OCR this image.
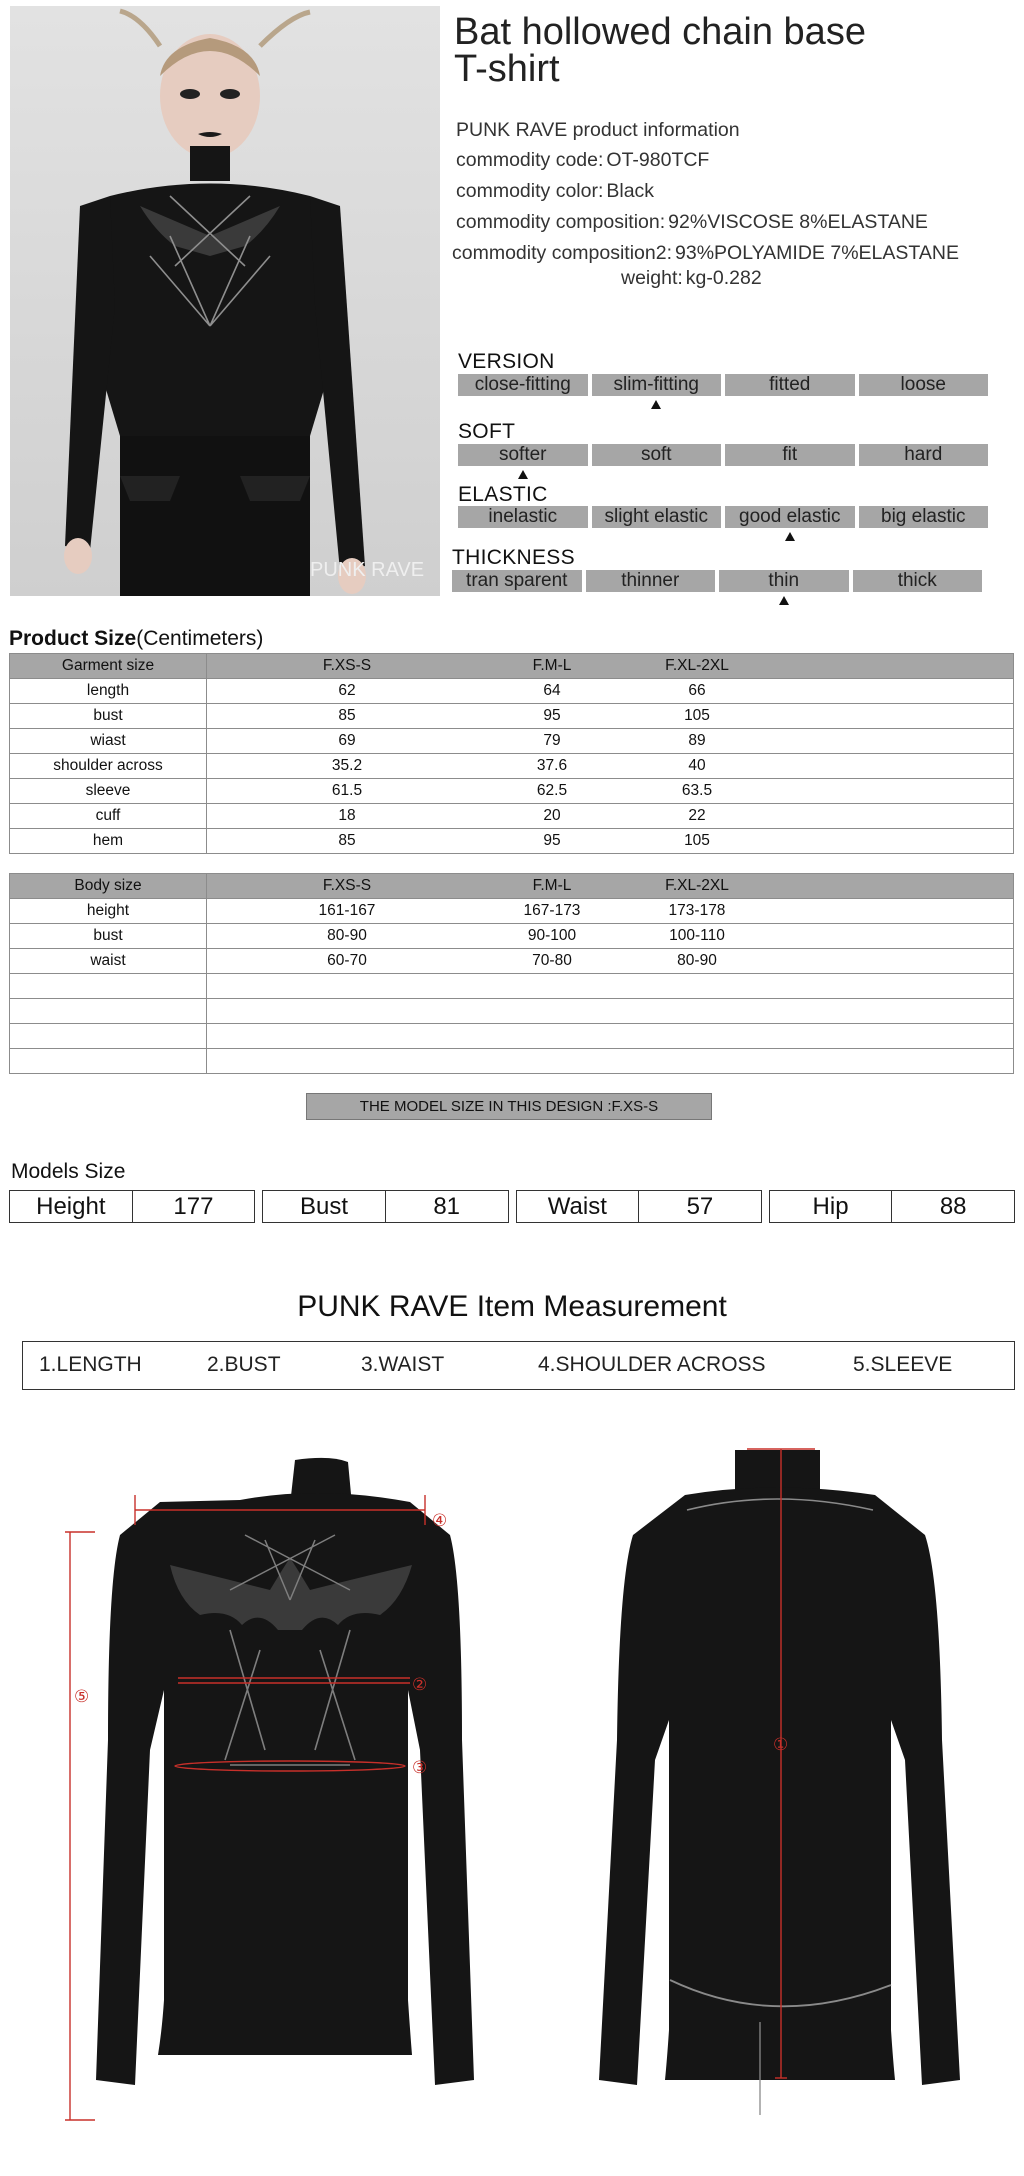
PUNK RAVE
Bat hollowed chain base
T-shirt
PUNK RAVE product information
commodity code: OT-980TCF
commodity color: Black
commodity composition: 92%VISCOSE 8%ELASTANE
commodity composition2: 93%POLYAMIDE 7%ELASTANE
weight: kg-0.282
VERSION
close-fitting	slim-fitting	fitted	loose
SOFT
softer	soft	fit	hard
ELASTIC
inelastic	slight elastic	good elastic	big elastic
THICKNESS
tran sparent	thinner	thin	thick
Product Size(Centimeters)
Garment size	F.XS-S F.M-L F.XL-2XL

length	62 64 66

bust	85 95 105

wiast	69 79 89

shoulder across	35.2 37.6 40

sleeve	61.5 62.5 63.5

cuff	18 20 22

hem	85 95 105
Body size	F.XS-S F.M-L F.XL-2XL

height	161-167 167-173 173-178

bust	80-90 90-100 100-110

waist	60-70 70-80 80-90

THE MODEL SIZE IN THIS DESIGN :F.XS-S
Models Size
Height	177	Bust	81	Waist	57	Hip	88
PUNK RAVE Item Measurement
1.LENGTH	2.BUST	3.WAIST	4.SHOULDER ACROSS	5.SLEEVE
④
②
③
⑤
①
